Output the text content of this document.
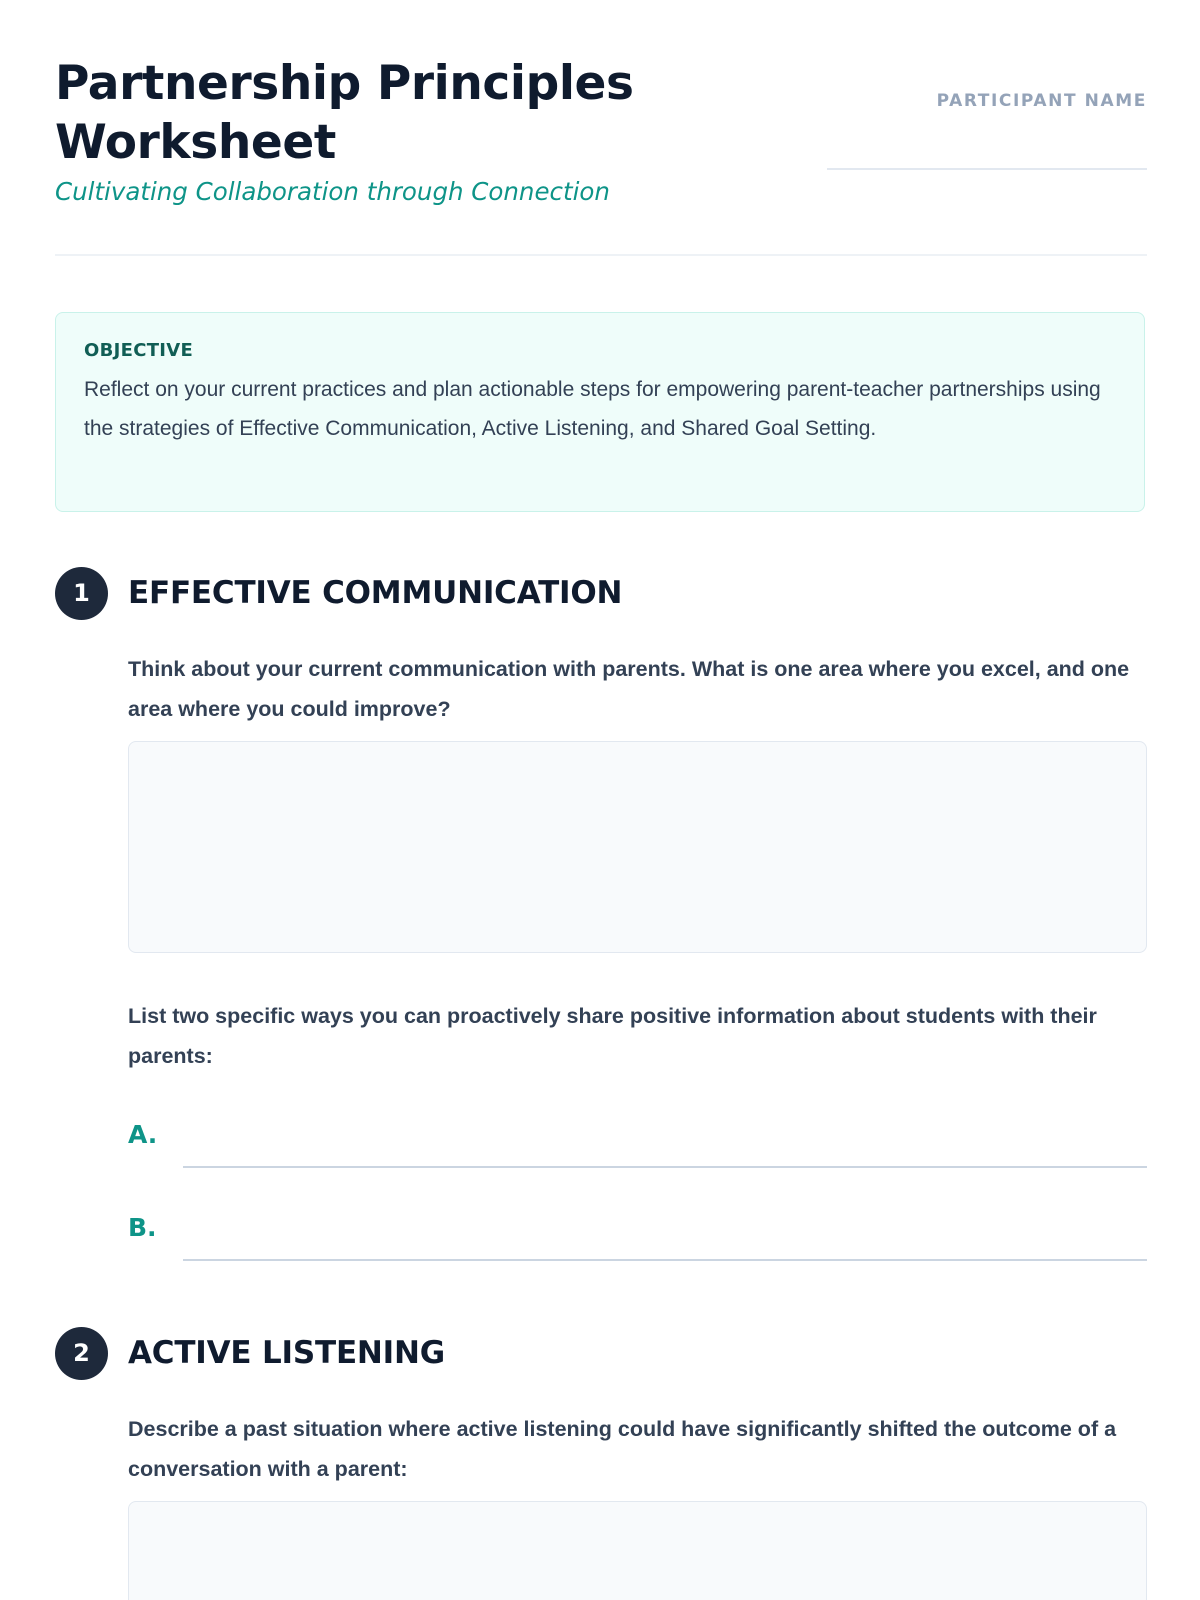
Partnership Principles
Worksheet
Cultivating Collaboration through Connection
PARTICIPANT NAME

OBJECTIVE

Reflect on your current practices and plan actionable steps for empowering parent-teacher partnerships using the strategies of Effective Communication, Active Listening, and Shared Goal Setting.

1	EFFECTIVE COMMUNICATION

Think about your current communication with parents. What is one area where you excel, and one area where you could improve?

List two specific ways you can proactively share positive information about students with their parents:

A.
B.
2	ACTIVE LISTENING

Describe a past situation where active listening could have significantly shifted the outcome of a conversation with a parent:
